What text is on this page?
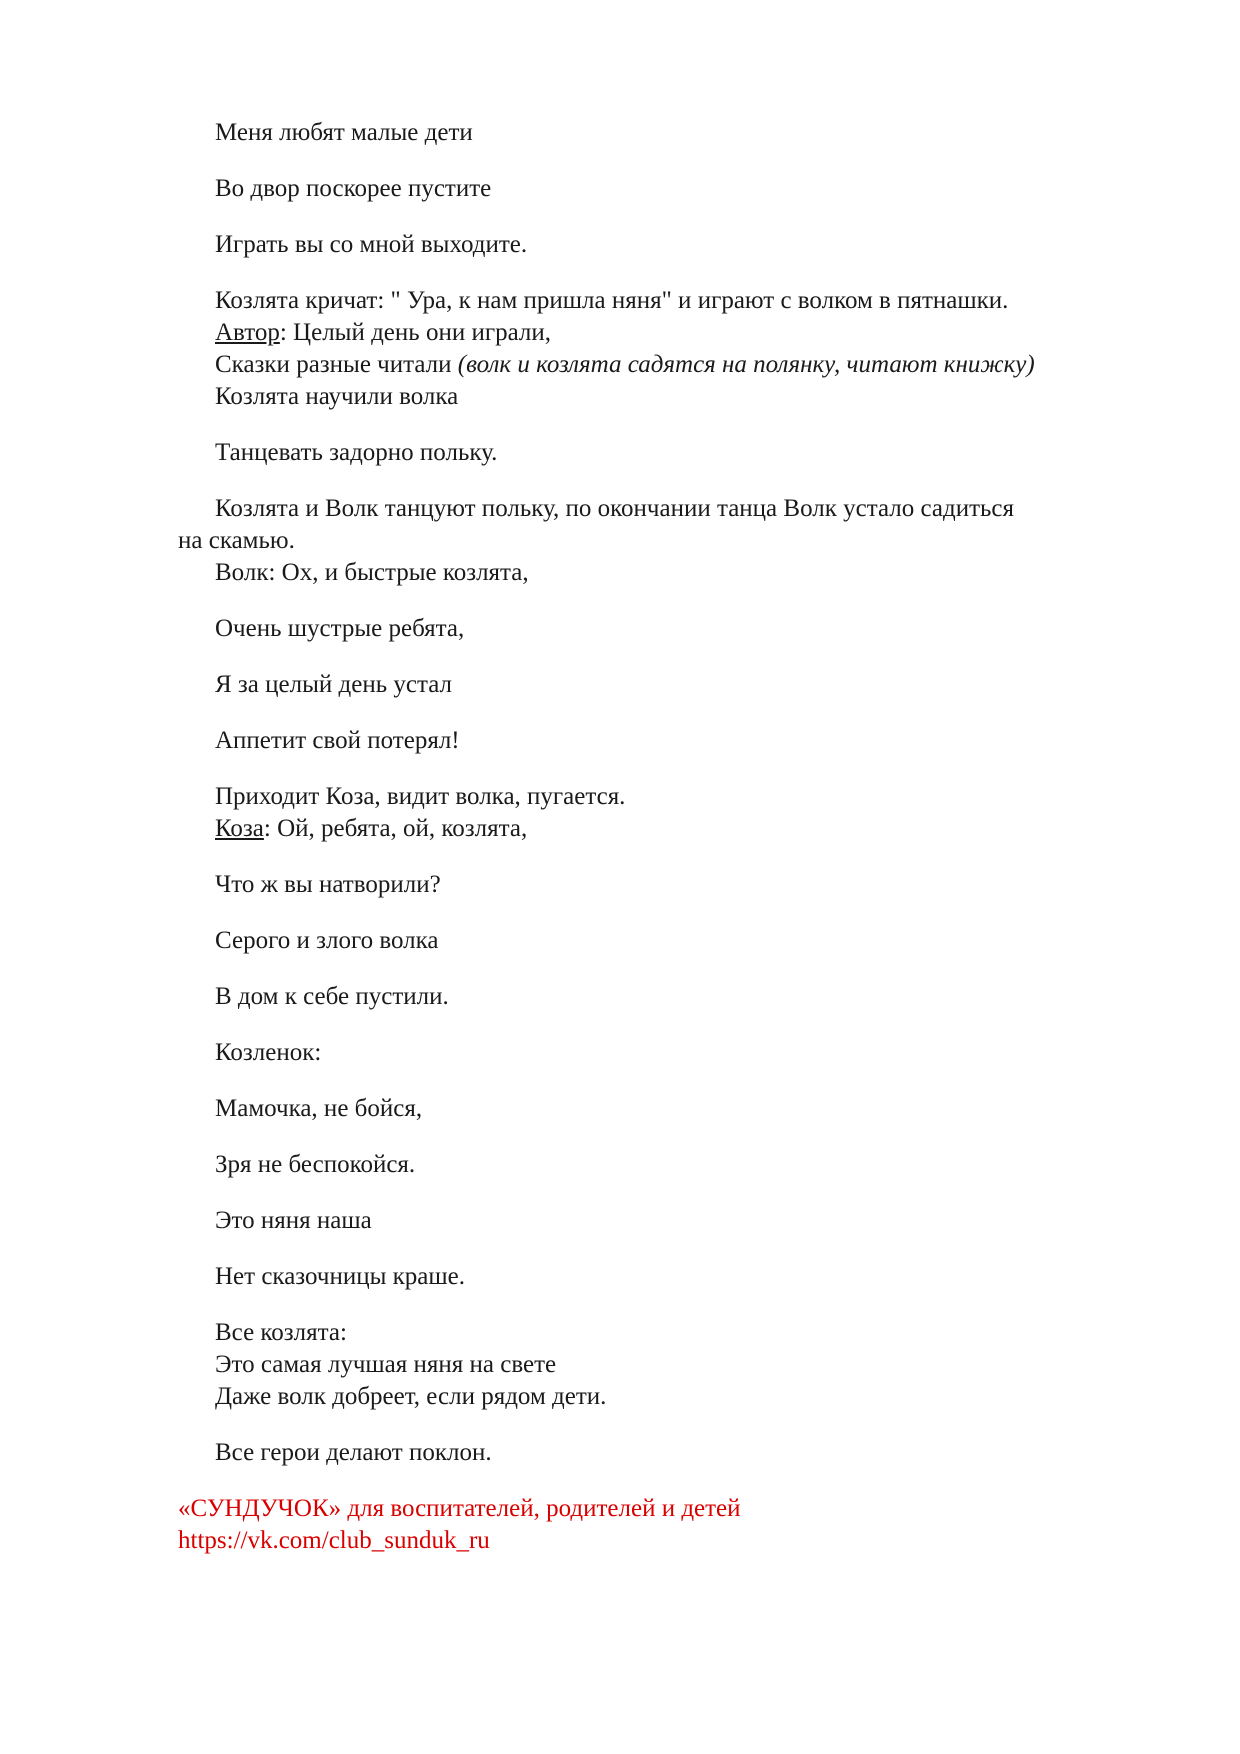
Меня любят малые дети
Во двор поскорее пустите
Играть вы со мной выходите.
Козлята кричат: " Ура, к нам пришла няня" и играют с волком в пятнашки.
Автор: Целый день они играли,
Сказки разные читали (волк и козлята садятся на полянку, читают книжку)
Козлята научили волка
Танцевать задорно польку.
Козлята и Волк танцуют польку, по окончании танца Волк устало садиться
на скамью.
Волк: Ох, и быстрые козлята,
Очень шустрые ребята,
Я за целый день устал
Аппетит свой потерял!
Приходит Коза, видит волка, пугается.
Коза: Ой, ребята, ой, козлята,
Что ж вы натворили?
Серого и злого волка
В дом к себе пустили.
Козленок:
Мамочка, не бойся,
Зря не беспокойся.
Это няня наша
Нет сказочницы краше.
Все козлята:
Это самая лучшая няня на свете
Даже волк добреет, если рядом дети.
Все герои делают поклон.
«СУНДУЧОК» для воспитателей, родителей и детей
https://vk.com/club_sunduk_ru
